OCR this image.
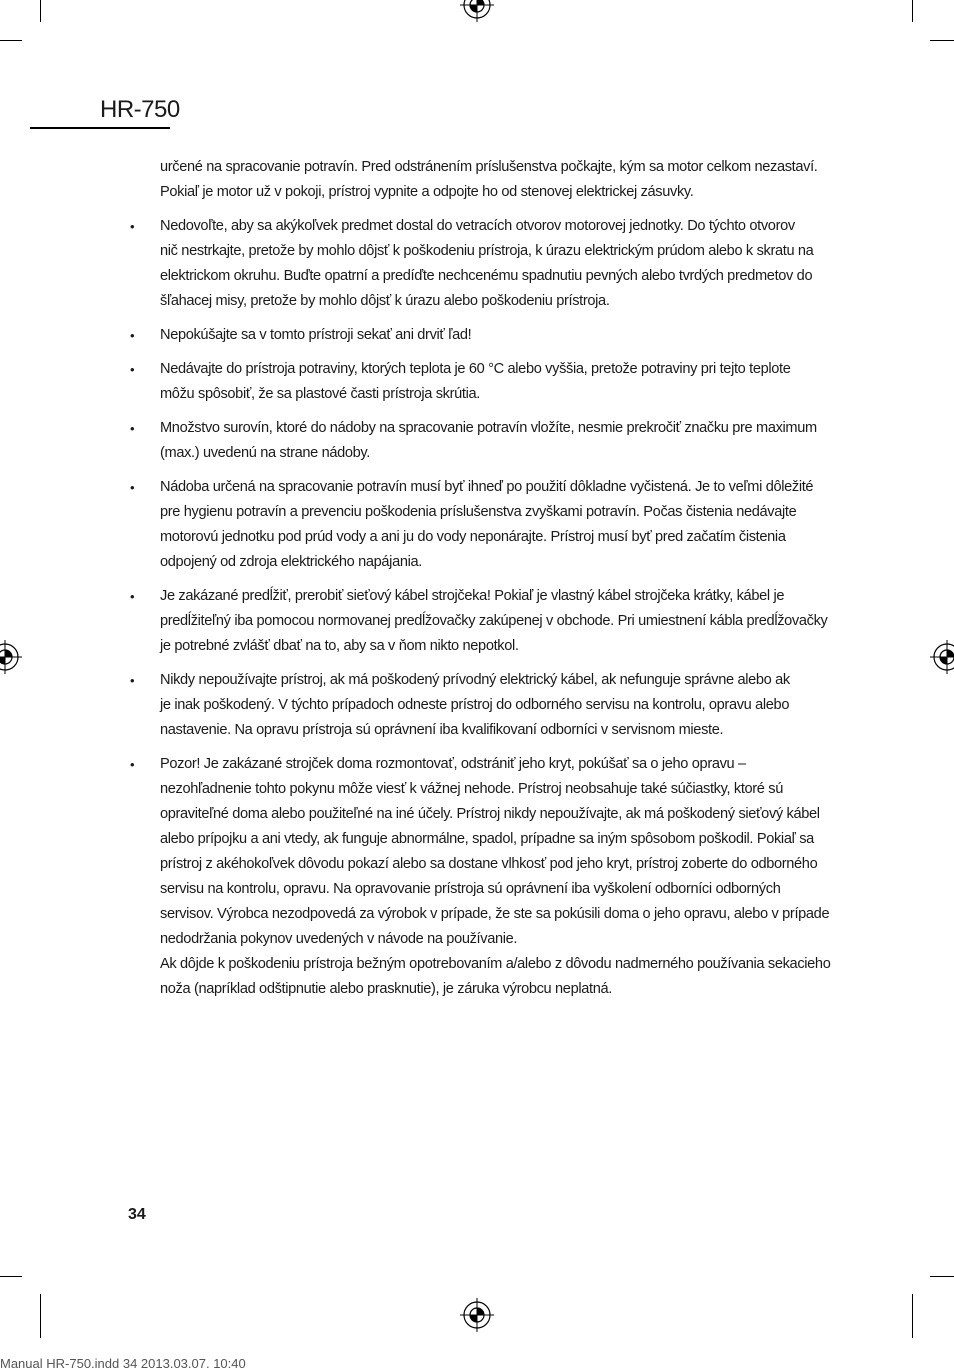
HR-750

určené na spracovanie potravín. Pred odstránením príslušenstva počkajte, kým sa motor celkom nezastaví.
Pokiaľ je motor už v pokoji, prístroj vypnite a odpojte ho od stenovej elektrickej zásuvky.

• Nedovoľte, aby sa akýkoľvek predmet dostal do vetracích otvorov motorovej jednotky. Do týchto otvorov
nič nestrkajte, pretože by mohlo dôjsť k poškodeniu prístroja, k úrazu elektrickým prúdom alebo k skratu na
elektrickom okruhu. Buďte opatrní a predíďte nechcenému spadnutiu pevných alebo tvrdých predmetov do
šľahacej misy, pretože by mohlo dôjsť k úrazu alebo poškodeniu prístroja.
• Nepokúšajte sa v tomto prístroji sekať ani drviť ľad!
• Nedávajte do prístroja potraviny, ktorých teplota je 60 °C alebo vyššia, pretože potraviny pri tejto teplote
môžu spôsobiť, že sa plastové časti prístroja skrútia.
• Množstvo surovín, ktoré do nádoby na spracovanie potravín vložíte, nesmie prekročiť značku pre maximum
(max.) uvedenú na strane nádoby.
• Nádoba určená na spracovanie potravín musí byť ihneď po použití dôkladne vyčistená. Je to veľmi dôležité
pre hygienu potravín a prevenciu poškodenia príslušenstva zvyškami potravín. Počas čistenia nedávajte
motorovú jednotku pod prúd vody a ani ju do vody neponárajte. Prístroj musí byť pred začatím čistenia
odpojený od zdroja elektrického napájania.
• Je zakázané predĺžiť, prerobiť sieťový kábel strojčeka! Pokiaľ je vlastný kábel strojčeka krátky, kábel je
predĺžiteľný iba pomocou normovanej predĺžovačky zakúpenej v obchode. Pri umiestnení kábla predĺžovačky
je potrebné zvlášť dbať na to, aby sa v ňom nikto nepotkol.
• Nikdy nepoužívajte prístroj, ak má poškodený prívodný elektrický kábel, ak nefunguje správne alebo ak
je inak poškodený. V týchto prípadoch odneste prístroj do odborného servisu na kontrolu, opravu alebo
nastavenie. Na opravu prístroja sú oprávnení iba kvalifikovaní odborníci v servisnom mieste.
• Pozor! Je zakázané strojček doma rozmontovať, odstrániť jeho kryt, pokúšať sa o jeho opravu –
nezohľadnenie tohto pokynu môže viesť k vážnej nehode. Prístroj neobsahuje také súčiastky, ktoré sú
opraviteľné doma alebo použiteľné na iné účely. Prístroj nikdy nepoužívajte, ak má poškodený sieťový kábel
alebo prípojku a ani vtedy, ak funguje abnormálne, spadol, prípadne sa iným spôsobom poškodil. Pokiaľ sa
prístroj z akéhokoľvek dôvodu pokazí alebo sa dostane vlhkosť pod jeho kryt, prístroj zoberte do odborného
servisu na kontrolu, opravu. Na opravovanie prístroja sú oprávnení iba vyškolení odborníci odborných
servisov. Výrobca nezodpovedá za výrobok v prípade, že ste sa pokúsili doma o jeho opravu, alebo v prípade
nedodržania pokynov uvedených v návode na používanie.
Ak dôjde k poškodeniu prístroja bežným opotrebovaním a/alebo z dôvodu nadmerného používania sekacieho
noža (napríklad odštipnutie alebo prasknutie), je záruka výrobcu neplatná.
34
Manual HR-750.indd 34 2013.03.07. 10:40
